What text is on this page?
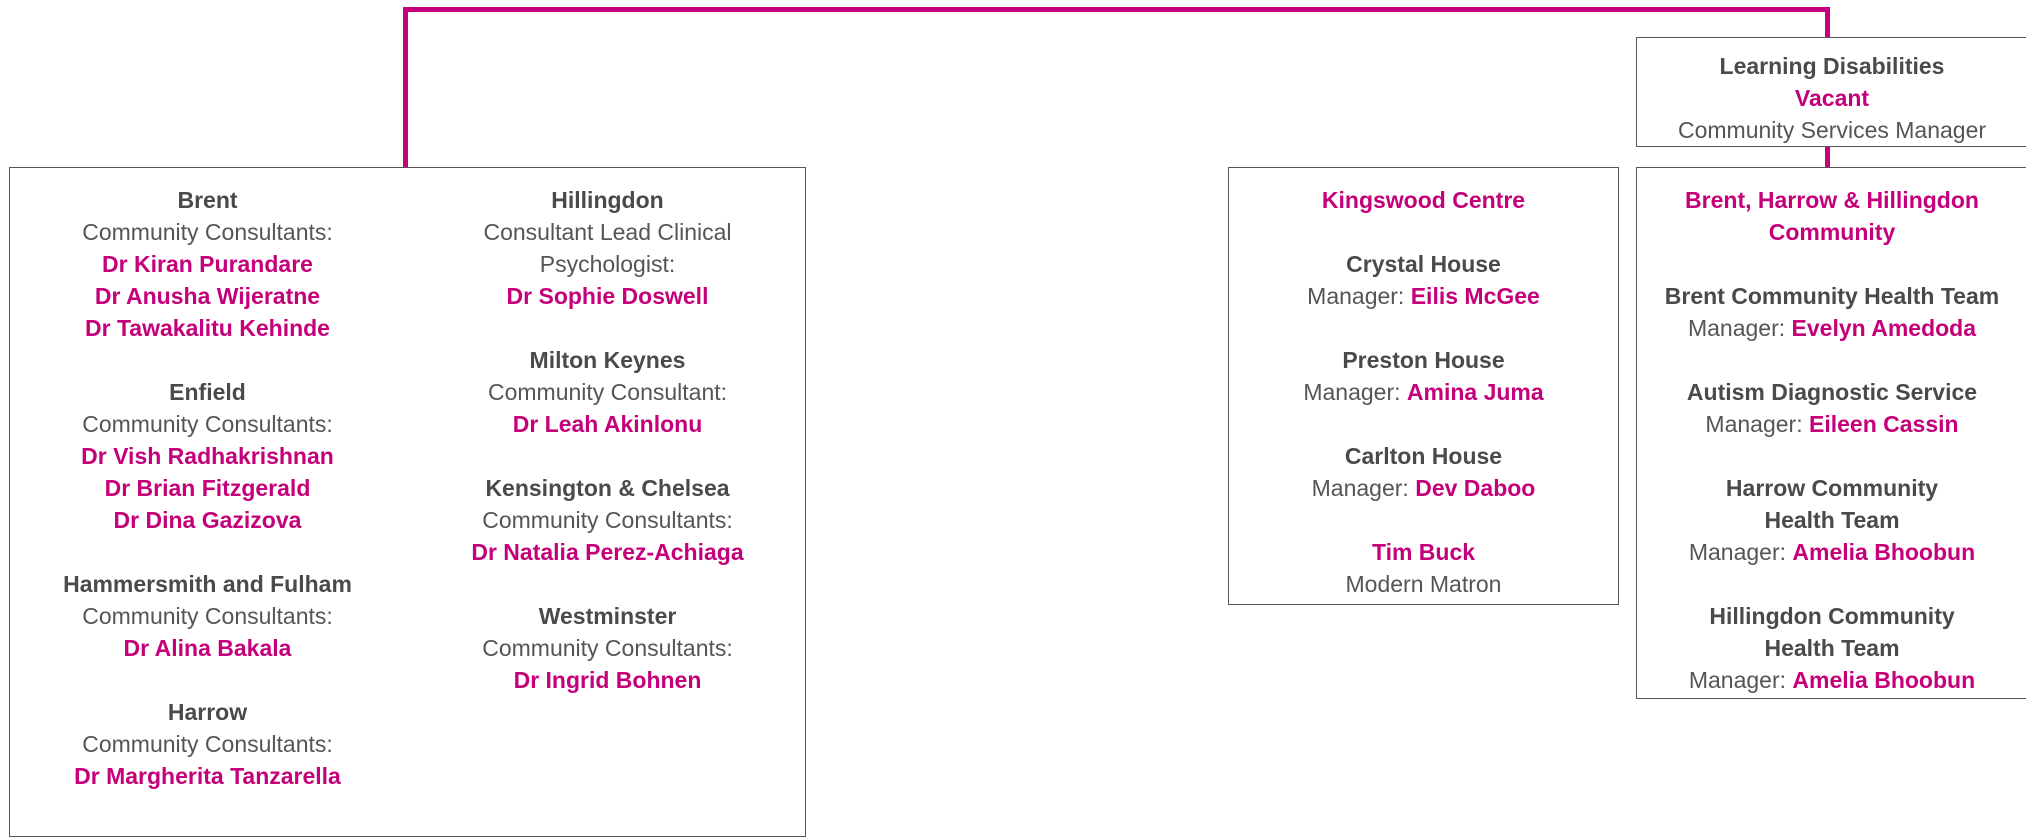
Learning Disabilities
Vacant
Community Services Manager
Brent
Community Consultants:
Dr Kiran Purandare
Dr Anusha Wijeratne
Dr Tawakalitu Kehinde
Enfield
Community Consultants:
Dr Vish Radhakrishnan
Dr Brian Fitzgerald
Dr Dina Gazizova
Hammersmith and Fulham
Community Consultants:
Dr Alina Bakala
Harrow
Community Consultants:
Dr Margherita Tanzarella
Hillingdon
Consultant Lead Clinical
Psychologist:
Dr Sophie Doswell
Milton Keynes
Community Consultant:
Dr Leah Akinlonu
Kensington & Chelsea
Community Consultants:
Dr Natalia Perez-Achiaga
Westminster
Community Consultants:
Dr Ingrid Bohnen
Kingswood Centre
Crystal House
Manager: Eilis McGee
Preston House
Manager: Amina Juma
Carlton House
Manager: Dev Daboo
Tim Buck
Modern Matron
Brent, Harrow & Hillingdon
Community
Brent Community Health Team
Manager: Evelyn Amedoda
Autism Diagnostic Service
Manager: Eileen Cassin
Harrow Community
Health Team
Manager: Amelia Bhoobun
Hillingdon Community
Health Team
Manager: Amelia Bhoobun
